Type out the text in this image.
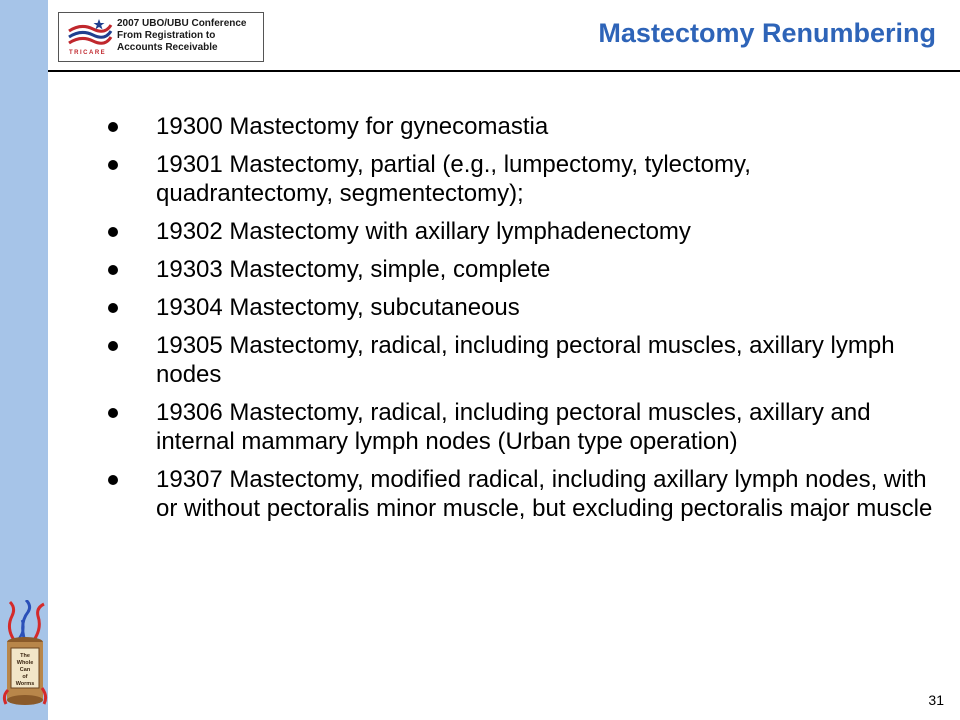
TRICARE
2007 UBO/UBU Conference
From Registration to
Accounts Receivable	Mastectomy Renumbering
19300 Mastectomy for gynecomastia
19301 Mastectomy, partial (e.g., lumpectomy, tylectomy, quadrantectomy, segmentectomy);
19302 Mastectomy with axillary lymphadenectomy
19303 Mastectomy, simple, complete
19304 Mastectomy, subcutaneous
19305 Mastectomy, radical, including pectoral muscles, axillary lymph nodes
19306 Mastectomy, radical, including pectoral muscles, axillary and internal mammary lymph nodes (Urban type operation)
19307 Mastectomy, modified radical, including axillary lymph nodes, with or without pectoralis minor muscle, but excluding pectoralis major muscle
The
Whole
Can
of
Worms
31
